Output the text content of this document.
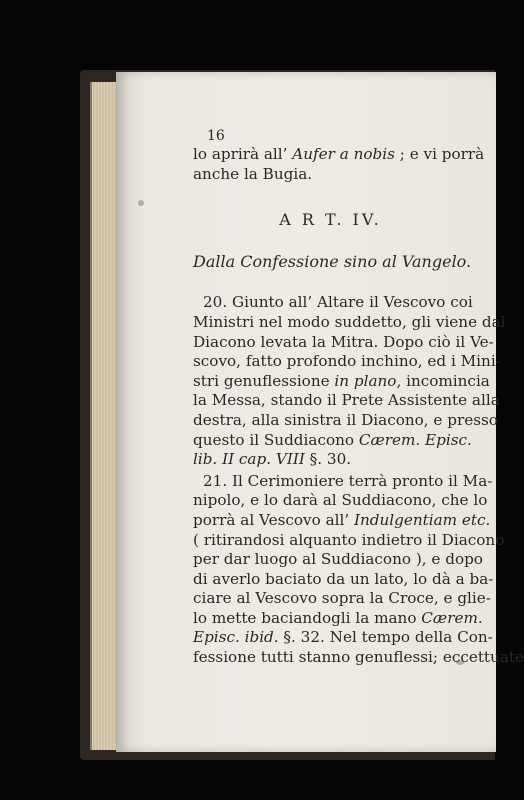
16
lo aprirà all’ Aufer a nobis ; e vi porrà
anche la Bugia.
A R T. IV.
Dalla Confessione sino al Vangelo.
20. Giunto all’ Altare il Vescovo coi
Ministri nel modo suddetto, gli viene dal
Diacono levata la Mitra. Dopo ciò il Ve-
scovo, fatto profondo inchino, ed i Mini-
stri genuflessione in plano, incomincia
la Messa, stando il Prete Assistente alla
destra, alla sinistra il Diacono, e presso
questo il Suddiacono Cærem. Episc.
lib. II cap. VIII §. 30.
21. Il Cerimoniere terrà pronto il Ma-
nipolo, e lo darà al Suddiacono, che lo
porrà al Vescovo all’ Indulgentiam etc.
( ritirandosi alquanto indietro il Diacono
per dar luogo al Suddiacono ), e dopo
di averlo baciato da un lato, lo dà a ba-
ciare al Vescovo sopra la Croce, e glie-
lo mette baciandogli la mano Cærem.
Episc. ibid. §. 32. Nel tempo della Con-
fessione tutti stanno genuflessi; eccettuate
